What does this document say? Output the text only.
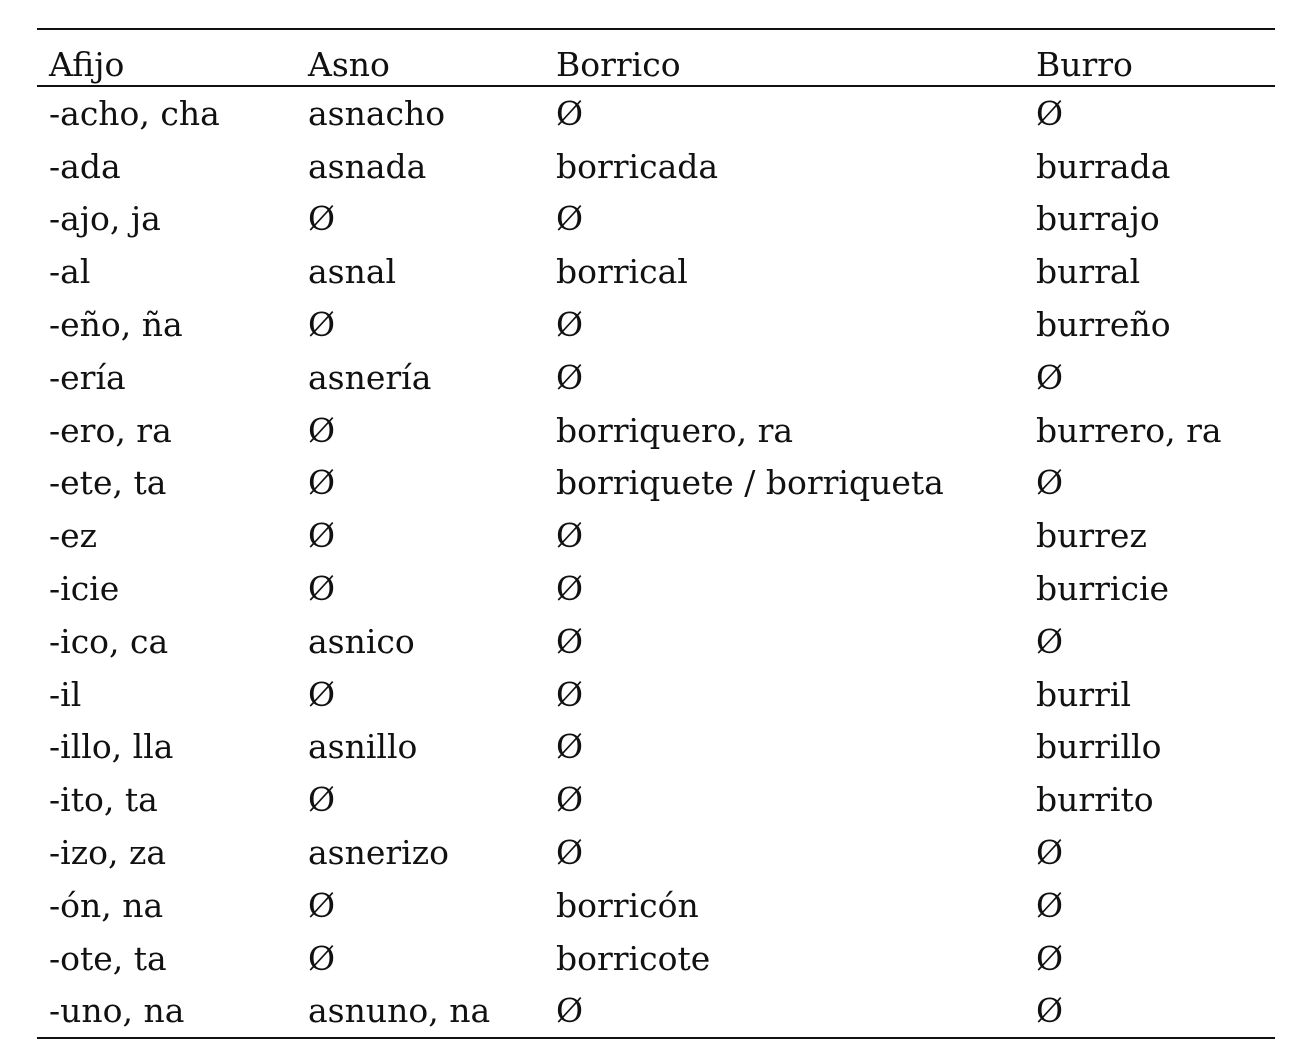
Afijo	Asno	Borrico	Burro
-acho, cha	asnacho	Ø	Ø
-ada	asnada	borricada	burrada
-ajo, ja	Ø	Ø	burrajo
-al	asnal	borrical	burral
-eño, ña	Ø	Ø	burreño
-ería	asnería	Ø	Ø
-ero, ra	Ø	borriquero, ra	burrero, ra
-ete, ta	Ø	borriquete / borriqueta	Ø
-ez	Ø	Ø	burrez
-icie	Ø	Ø	burricie
-ico, ca	asnico	Ø	Ø
-il	Ø	Ø	burril
-illo, lla	asnillo	Ø	burrillo
-ito, ta	Ø	Ø	burrito
-izo, za	asnerizo	Ø	Ø
-ón, na	Ø	borricón	Ø
-ote, ta	Ø	borricote	Ø
-uno, na	asnuno, na	Ø	Ø
